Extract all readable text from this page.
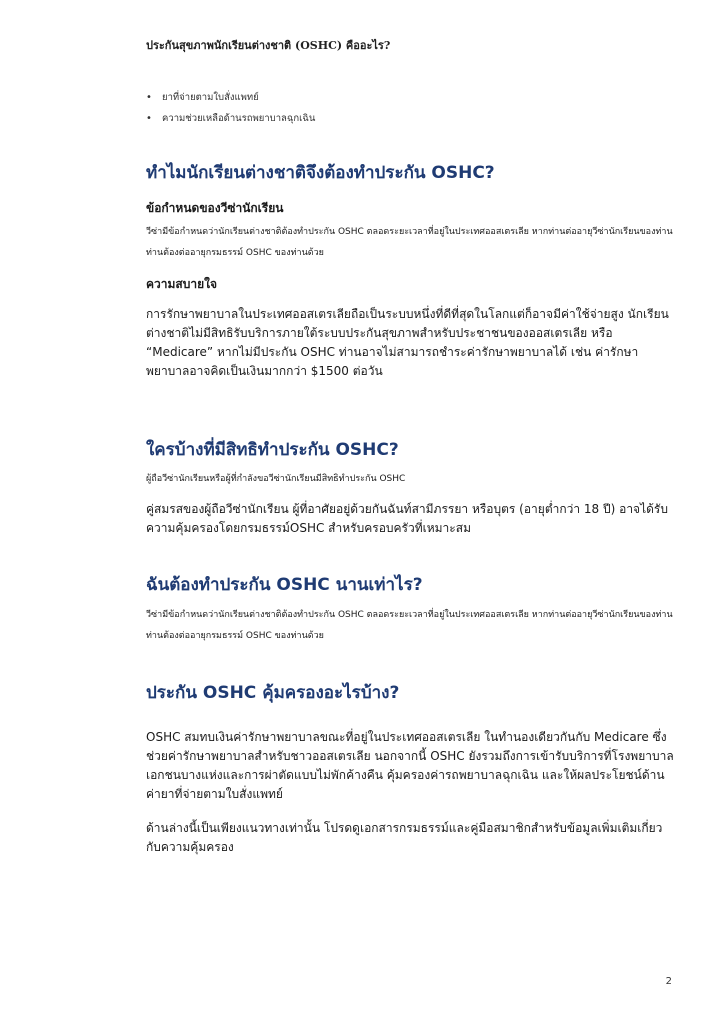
ประกันสุขภาพนักเรียนต่างชาติ (OSHC) คืออะไร?
• ยาที่จ่ายตามใบสั่งแพทย์
• ความช่วยเหลือด้านรถพยาบาลฉุกเฉิน
ทำไมนักเรียนต่างชาติจึงต้องทำประกัน OSHC?
ข้อกำหนดของวีซ่านักเรียน

วีซ่ามีข้อกำหนดว่านักเรียนต่างชาติต้องทำประกัน OSHC ตลอดระยะเวลาที่อยู่ในประเทศออสเตรเลีย หากท่านต่ออายุวีซ่านักเรียนของท่าน ท่านต้องต่ออายุกรมธรรม์ OSHC ของท่านด้วย

ความสบายใจ

การรักษาพยาบาลในประเทศออสเตรเลียถือเป็นระบบหนึ่งที่ดีที่สุดในโลกแต่ก็อาจมีค่าใช้จ่ายสูง นักเรียนต่างชาติไม่มีสิทธิรับบริการภายใต้ระบบประกันสุขภาพสำหรับประชาชนของออสเตรเลีย หรือ “Medicare” หากไม่มีประกัน OSHC ท่านอาจไม่สามารถชำระค่ารักษาพยาบาลได้ เช่น ค่ารักษาพยาบาลอาจคิดเป็นเงินมากกว่า $1500 ต่อวัน

ใครบ้างที่มีสิทธิทำประกัน OSHC?

ผู้ถือวีซ่านักเรียนหรือผู้ที่กำลังขอวีซ่านักเรียนมีสิทธิทำประกัน OSHC

คู่สมรสของผู้ถือวีซ่านักเรียน ผู้ที่อาศัยอยู่ด้วยกันฉันท์สามีภรรยา หรือบุตร (อายุต่ำกว่า 18 ปี) อาจได้รับความคุ้มครองโดยกรมธรรม์OSHC สำหรับครอบครัวที่เหมาะสม

ฉันต้องทำประกัน OSHC นานเท่าไร?

วีซ่ามีข้อกำหนดว่านักเรียนต่างชาติต้องทำประกัน OSHC ตลอดระยะเวลาที่อยู่ในประเทศออสเตรเลีย หากท่านต่ออายุวีซ่านักเรียนของท่าน ท่านต้องต่ออายุกรมธรรม์ OSHC ของท่านด้วย

ประกัน OSHC คุ้มครองอะไรบ้าง?

OSHC สมทบเงินค่ารักษาพยาบาลขณะที่อยู่ในประเทศออสเตรเลีย ในทำนองเดียวกันกับ Medicare ซึ่งช่วยค่ารักษาพยาบาลสำหรับชาวออสเตรเลีย นอกจากนี้ OSHC ยังรวมถึงการเข้ารับบริการที่โรงพยาบาลเอกชนบางแห่งและการผ่าตัดแบบไม่พักค้างคืน คุ้มครองค่ารถพยาบาลฉุกเฉิน และให้ผลประโยชน์ด้านค่ายาที่จ่ายตามใบสั่งแพทย์

ด้านล่างนี้เป็นเพียงแนวทางเท่านั้น โปรดดูเอกสารกรมธรรม์และคู่มือสมาชิกสำหรับข้อมูลเพิ่มเติมเกี่ยวกับความคุ้มครอง

2
